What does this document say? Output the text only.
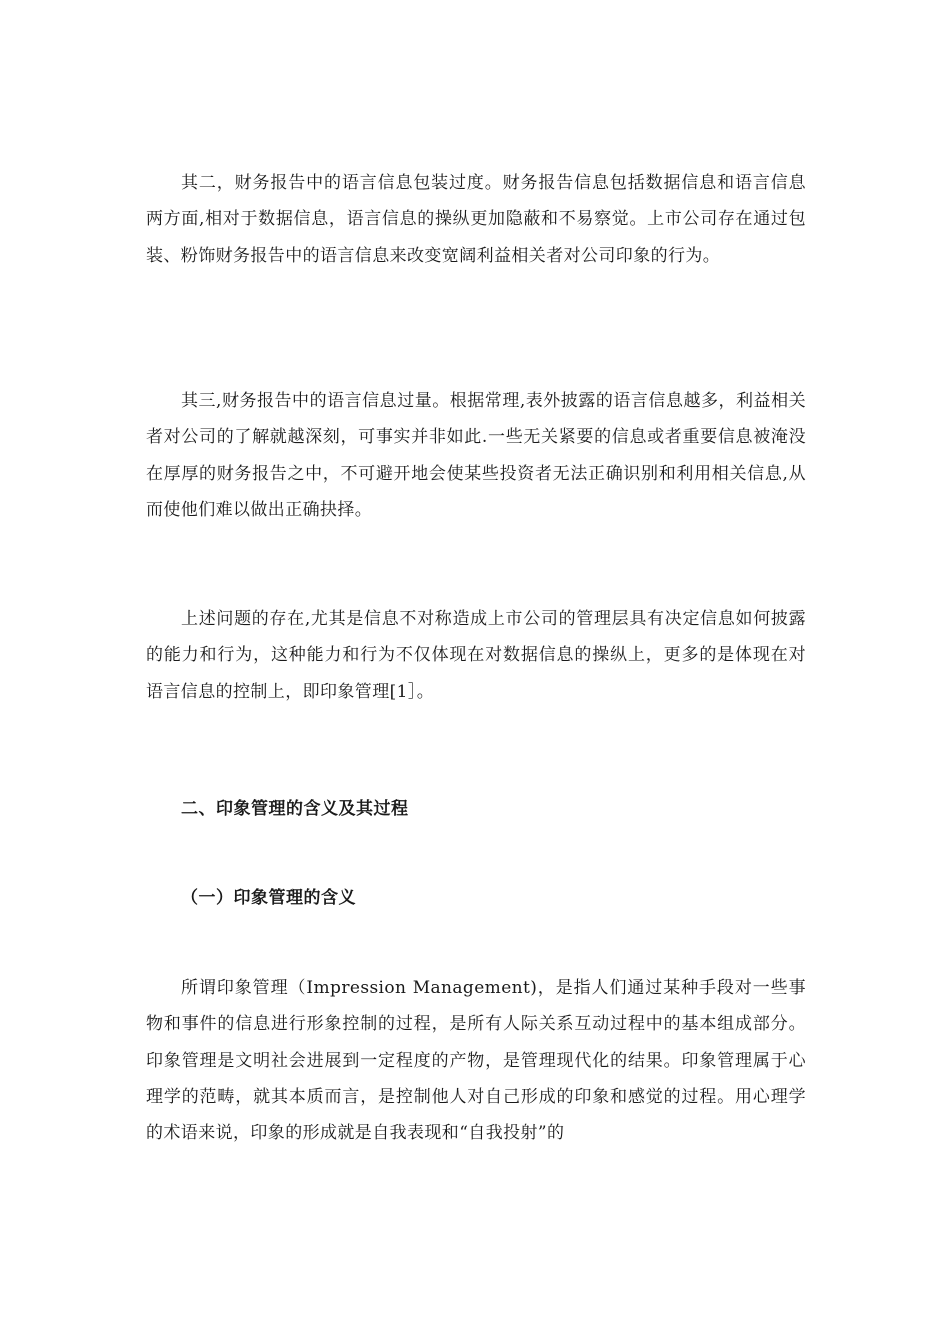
其二，财务报告中的语言信息包装过度。财务报告信息包括数据信息和语言信息两方面,相对于数据信息，语言信息的操纵更加隐蔽和不易察觉。上市公司存在通过包装、粉饰财务报告中的语言信息来改变宽阔利益相关者对公司印象的行为。

其三,财务报告中的语言信息过量。根据常理,表外披露的语言信息越多，利益相关者对公司的了解就越深刻，可事实并非如此.一些无关紧要的信息或者重要信息被淹没在厚厚的财务报告之中，不可避开地会使某些投资者无法正确识别和利用相关信息,从而使他们难以做出正确抉择。

上述问题的存在,尤其是信息不对称造成上市公司的管理层具有决定信息如何披露的能力和行为，这种能力和行为不仅体现在对数据信息的操纵上，更多的是体现在对语言信息的控制上，即印象管理[1］。

二、印象管理的含义及其过程
（一）印象管理的含义

所谓印象管理（Impression Management)，是指人们通过某种手段对一些事物和事件的信息进行形象控制的过程，是所有人际关系互动过程中的基本组成部分。印象管理是文明社会进展到一定程度的产物，是管理现代化的结果。印象管理属于心理学的范畴，就其本质而言，是控制他人对自己形成的印象和感觉的过程。用心理学的术语来说，印象的形成就是自我表现和“自我投射”的
